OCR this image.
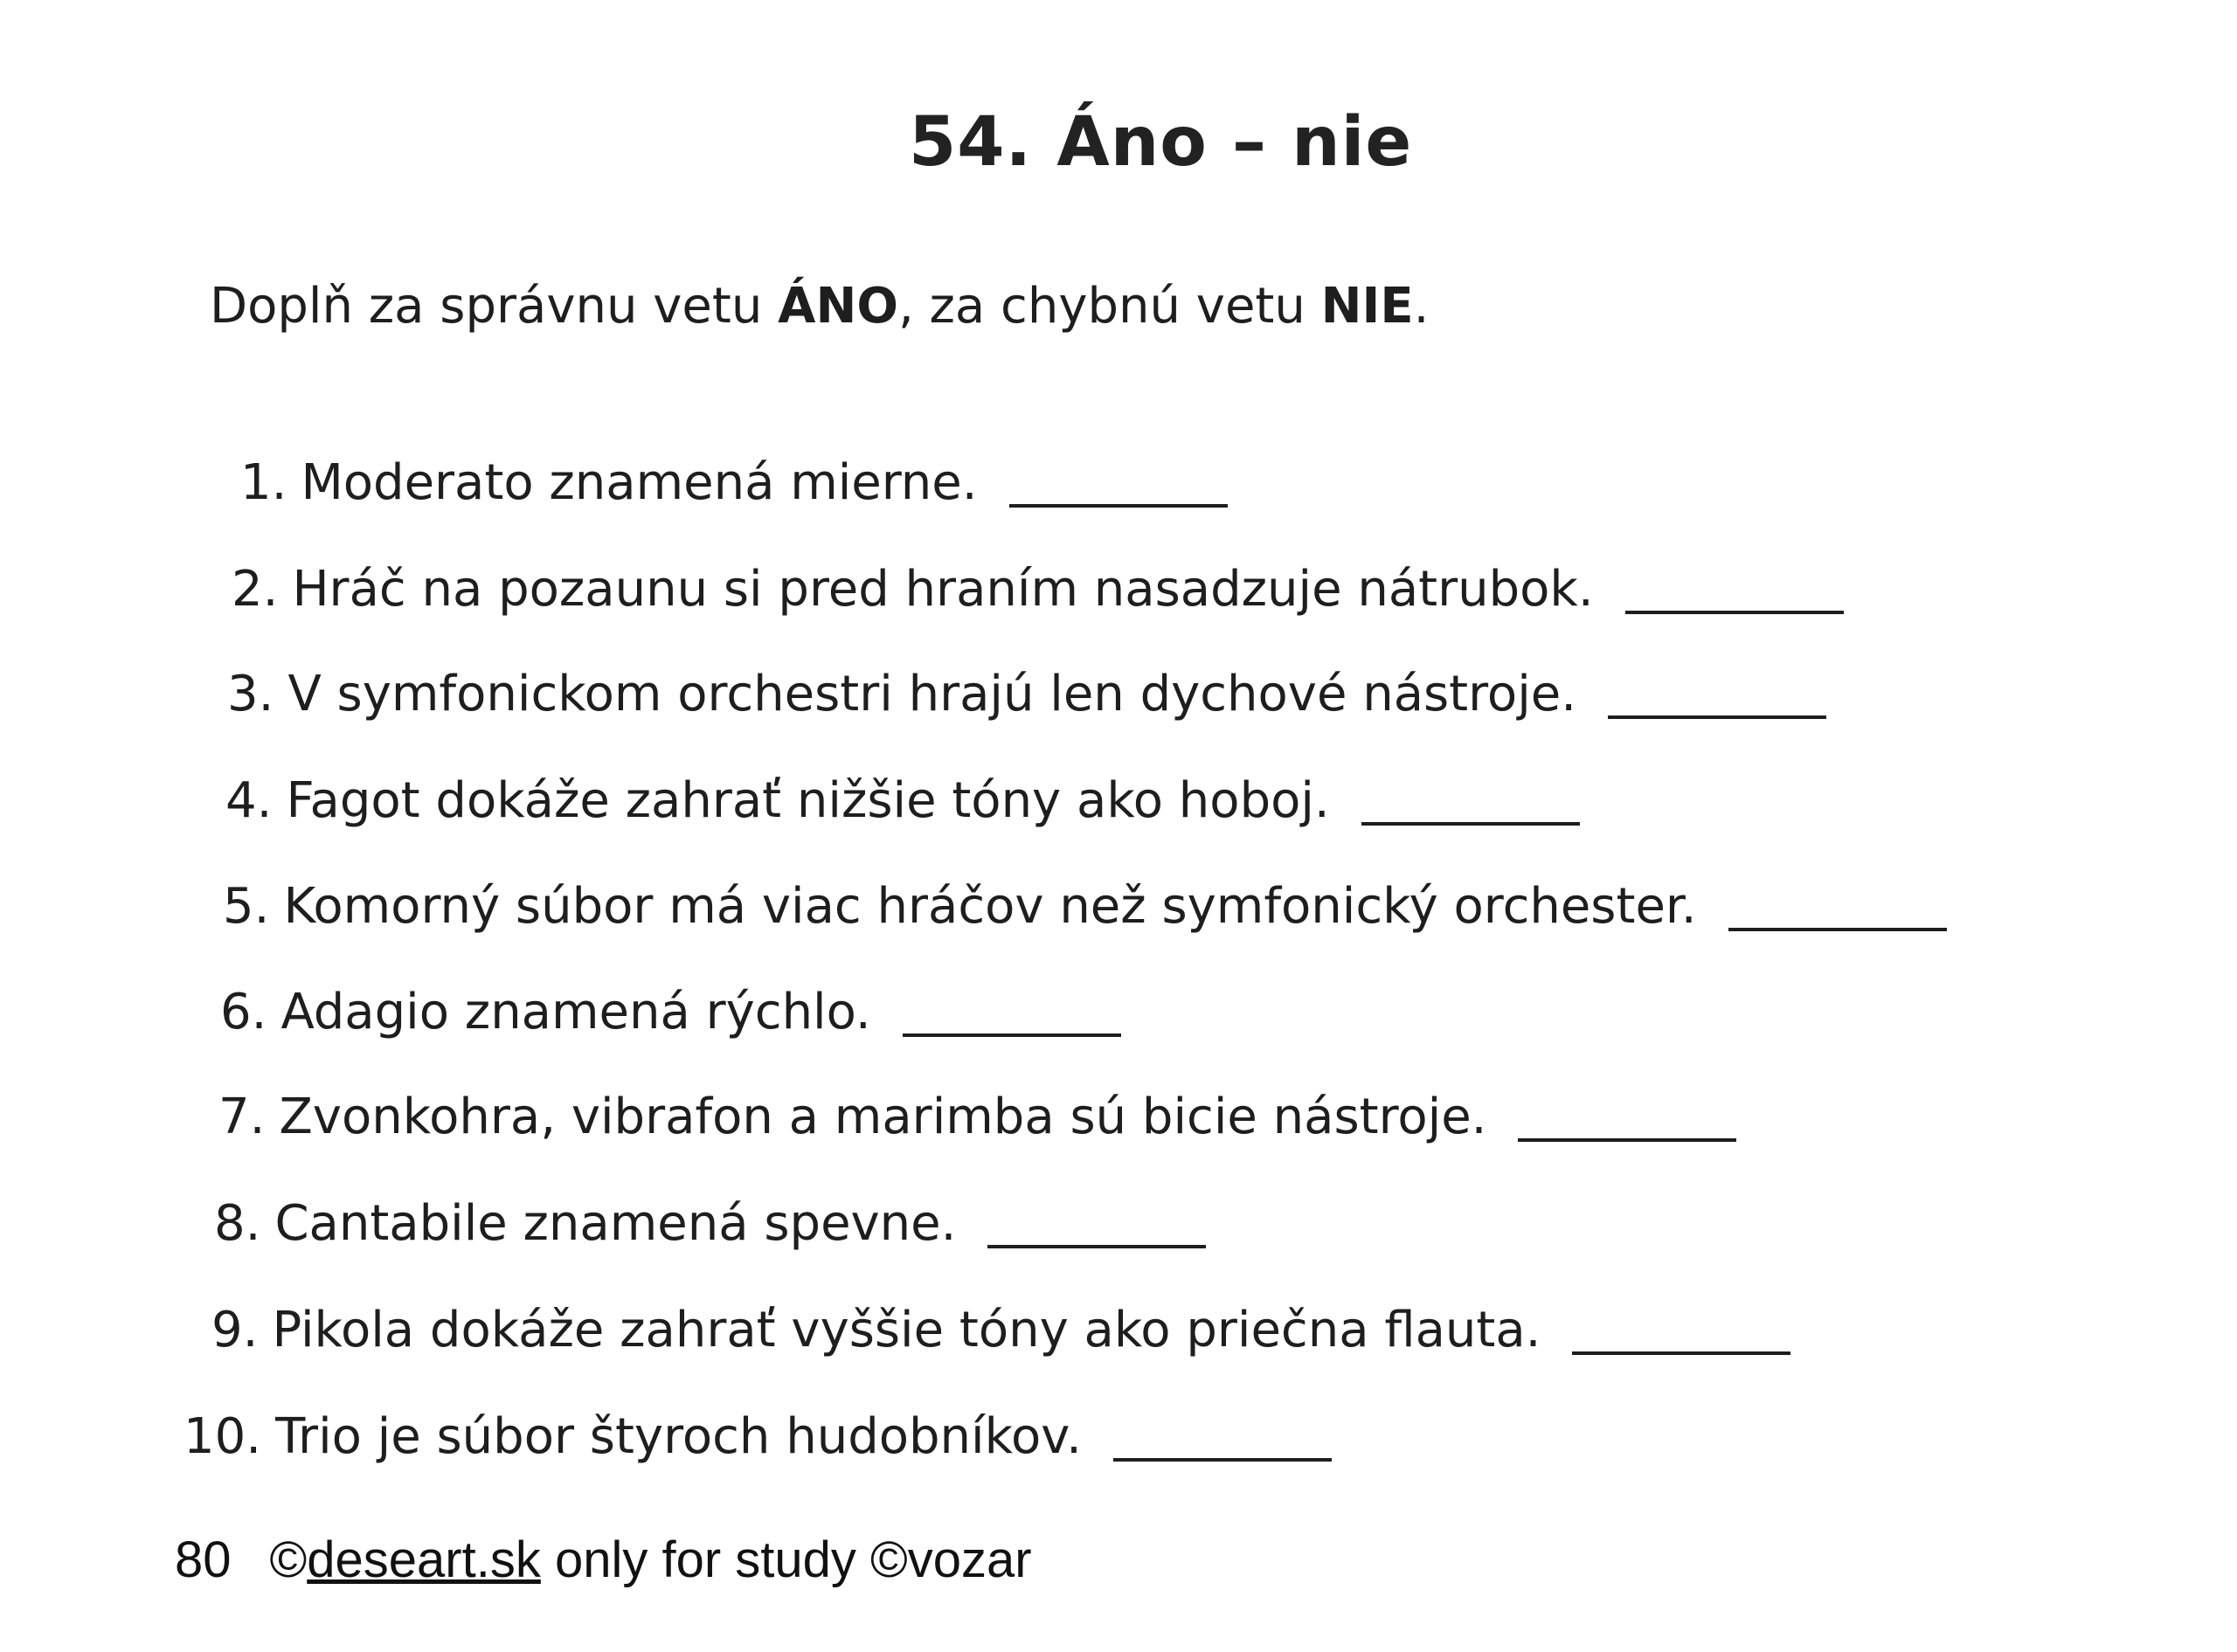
54. Áno – nie
Doplň za správnu vetu ÁNO, za chybnú vetu NIE.
1. Moderato znamená mierne.
2. Hráč na pozaunu si pred hraním nasadzuje nátrubok.
3. V symfonickom orchestri hrajú len dychové nástroje.
4. Fagot dokáže zahrať nižšie tóny ako hoboj.
5. Komorný súbor má viac hráčov než symfonický orchester.
6. Adagio znamená rýchlo.
7. Zvonkohra, vibrafon a marimba sú bicie nástroje.
8. Cantabile znamená spevne.
9. Pikola dokáže zahrať vyššie tóny ako priečna flauta.
10. Trio je súbor štyroch hudobníkov.
80 ©deseart.sk only for study ©vozar
